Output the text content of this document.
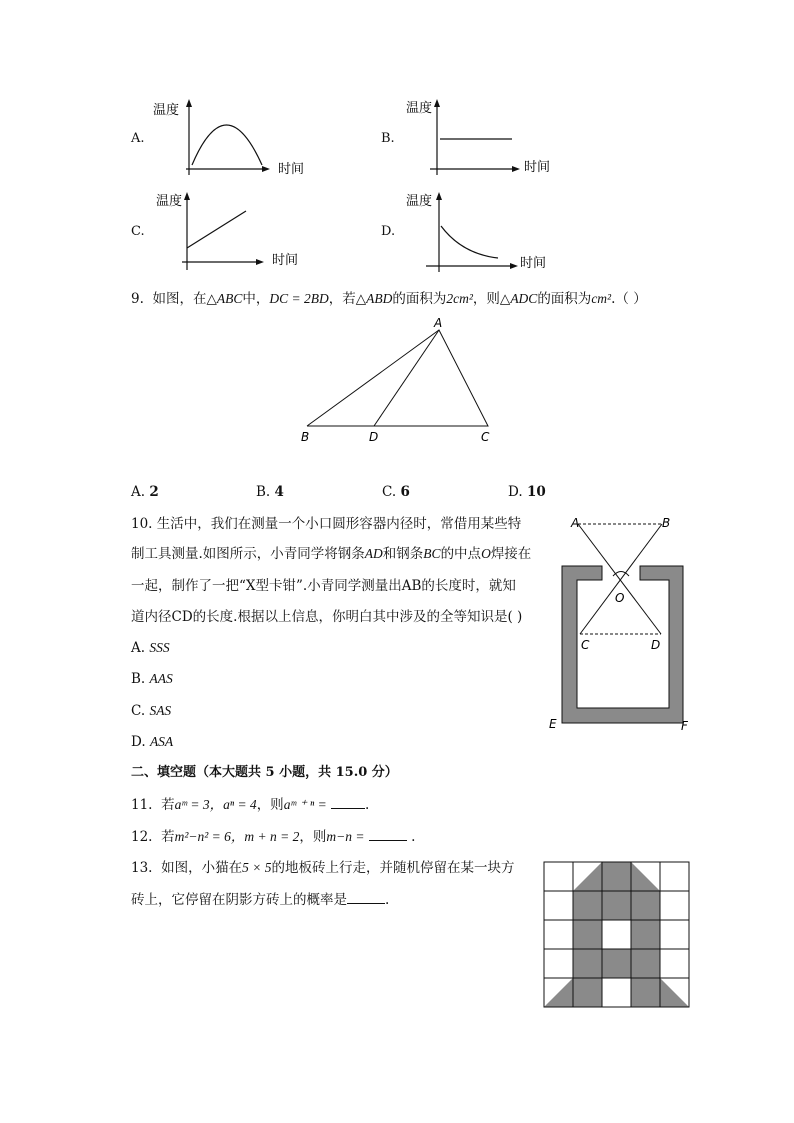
A.
温度
时间
B.
温度
时间
C.
温度
时间
D.
温度
时间
9. 如图，在△ABC中，DC = 2BD，若△ABD的面积为2cm²，则△ADC的面积为cm².（ ）
A
B	D	C
A. 2	B. 4	C. 6	D. 10
10. 生活中，我们在测量一个小口圆形容器内径时，常借用某些特
制工具测量.如图所示，小青同学将钢条AD和钢条BC的中点O焊接在
一起，制作了一把“X型卡钳”.小青同学测量出AB的长度时，就知
道内径CD的长度.根据以上信息，你明白其中涉及的全等知识是( )
A. SSS
B. AAS
C. SAS
D. ASA
A	B
O
C	D
E	F
二、填空题（本大题共 5 小题，共 15.0 分）
11. 若aᵐ = 3，aⁿ = 4，则aᵐ ⁺ ⁿ =	.
12. 若m²−n² = 6，m + n = 2，则m−n =	.
13. 如图，小猫在5 × 5的地板砖上行走，并随机停留在某一块方
砖上，它停留在阴影方砖上的概率是	.
